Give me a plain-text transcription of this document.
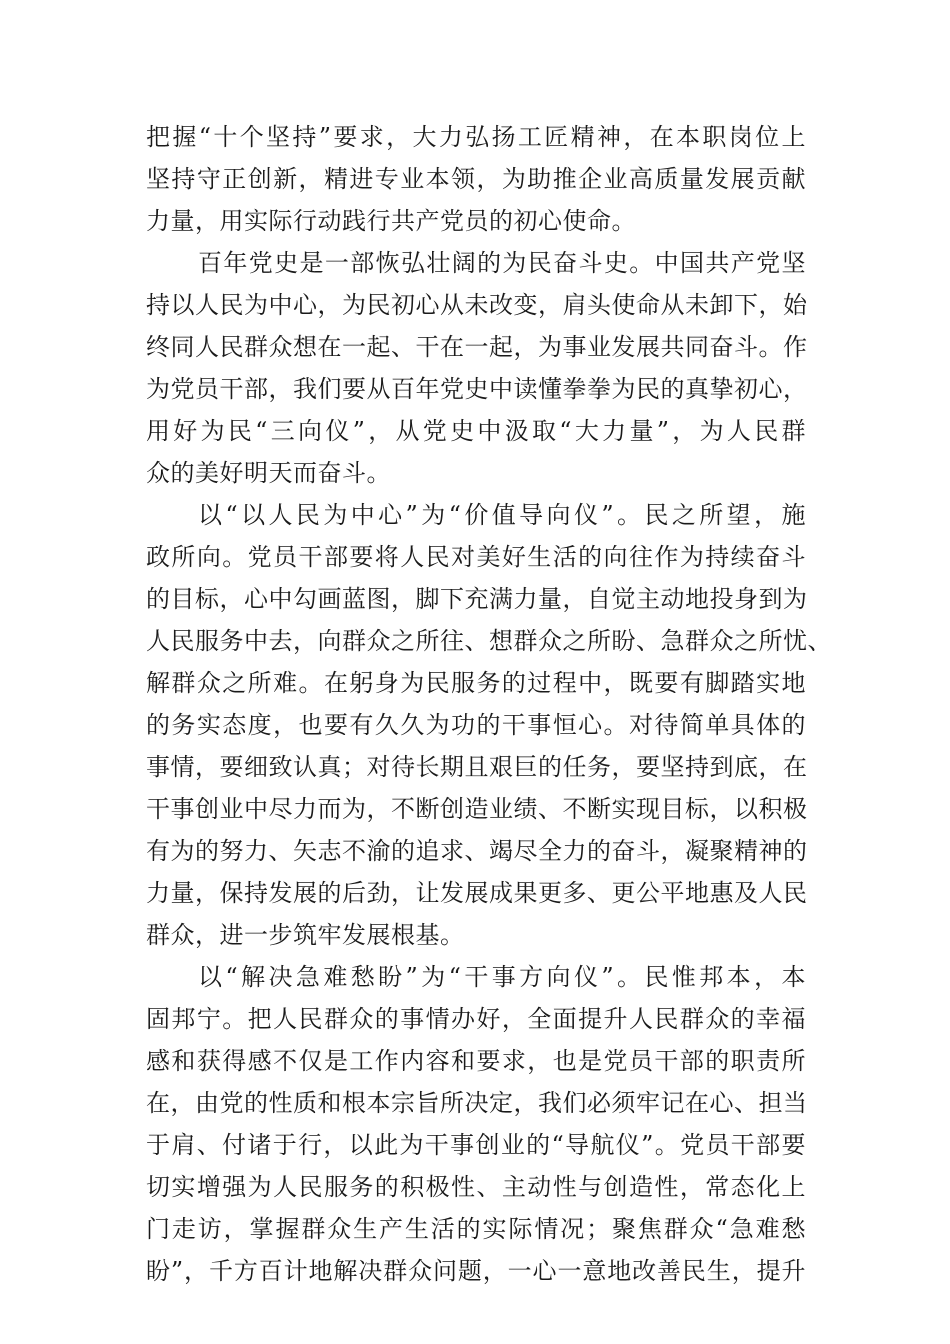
把握“十个坚持”要求，大力弘扬工匠精神，在本职岗位上
坚持守正创新，精进专业本领，为助推企业高质量发展贡献
力量，用实际行动践行共产党员的初心使命。
百年党史是一部恢弘壮阔的为民奋斗史。中国共产党坚
持以人民为中心，为民初心从未改变，肩头使命从未卸下，始
终同人民群众想在一起、干在一起，为事业发展共同奋斗。作
为党员干部，我们要从百年党史中读懂拳拳为民的真挚初心，
用好为民“三向仪”，从党史中汲取“大力量”，为人民群
众的美好明天而奋斗。
以“以人民为中心”为“价值导向仪”。民之所望，施
政所向。党员干部要将人民对美好生活的向往作为持续奋斗
的目标，心中勾画蓝图，脚下充满力量，自觉主动地投身到为
人民服务中去，向群众之所往、想群众之所盼、急群众之所忧、
解群众之所难。在躬身为民服务的过程中，既要有脚踏实地
的务实态度，也要有久久为功的干事恒心。对待简单具体的
事情，要细致认真；对待长期且艰巨的任务，要坚持到底，在
干事创业中尽力而为，不断创造业绩、不断实现目标，以积极
有为的努力、矢志不渝的追求、竭尽全力的奋斗，凝聚精神的
力量，保持发展的后劲，让发展成果更多、更公平地惠及人民
群众，进一步筑牢发展根基。
以“解决急难愁盼”为“干事方向仪”。民惟邦本，本
固邦宁。把人民群众的事情办好，全面提升人民群众的幸福
感和获得感不仅是工作内容和要求，也是党员干部的职责所
在，由党的性质和根本宗旨所决定，我们必须牢记在心、担当
于肩、付诸于行，以此为干事创业的“导航仪”。党员干部要
切实增强为人民服务的积极性、主动性与创造性，常态化上
门走访，掌握群众生产生活的实际情况；聚焦群众“急难愁
盼”，千方百计地解决群众问题，一心一意地改善民生，提升
